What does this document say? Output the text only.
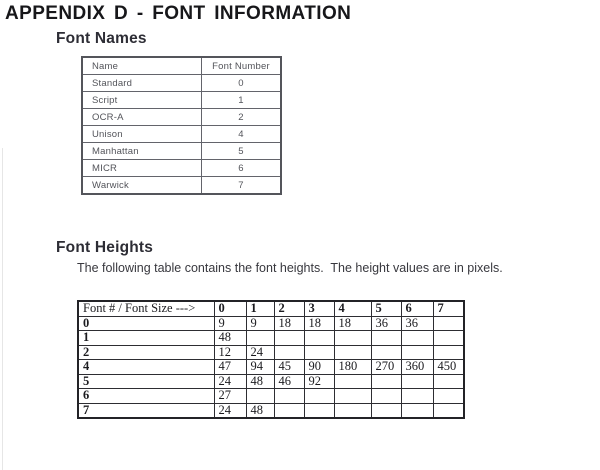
APPENDIX D - FONT INFORMATION
Font Names
Name	Font Number
Standard	0
Script	1
OCR-A	2
Unison	4
Manhattan	5
MICR	6
Warwick	7
Font Heights

The following table contains the font heights.  The height values are in pixels.

Font # / Font Size --->	0	1	2	3	4	5	6	7
0	9	9	18	18	18	36	36	
1	48							
2	12	24						
4	47	94	45	90	180	270	360	450
5	24	48	46	92				
6	27							
7	24	48						
